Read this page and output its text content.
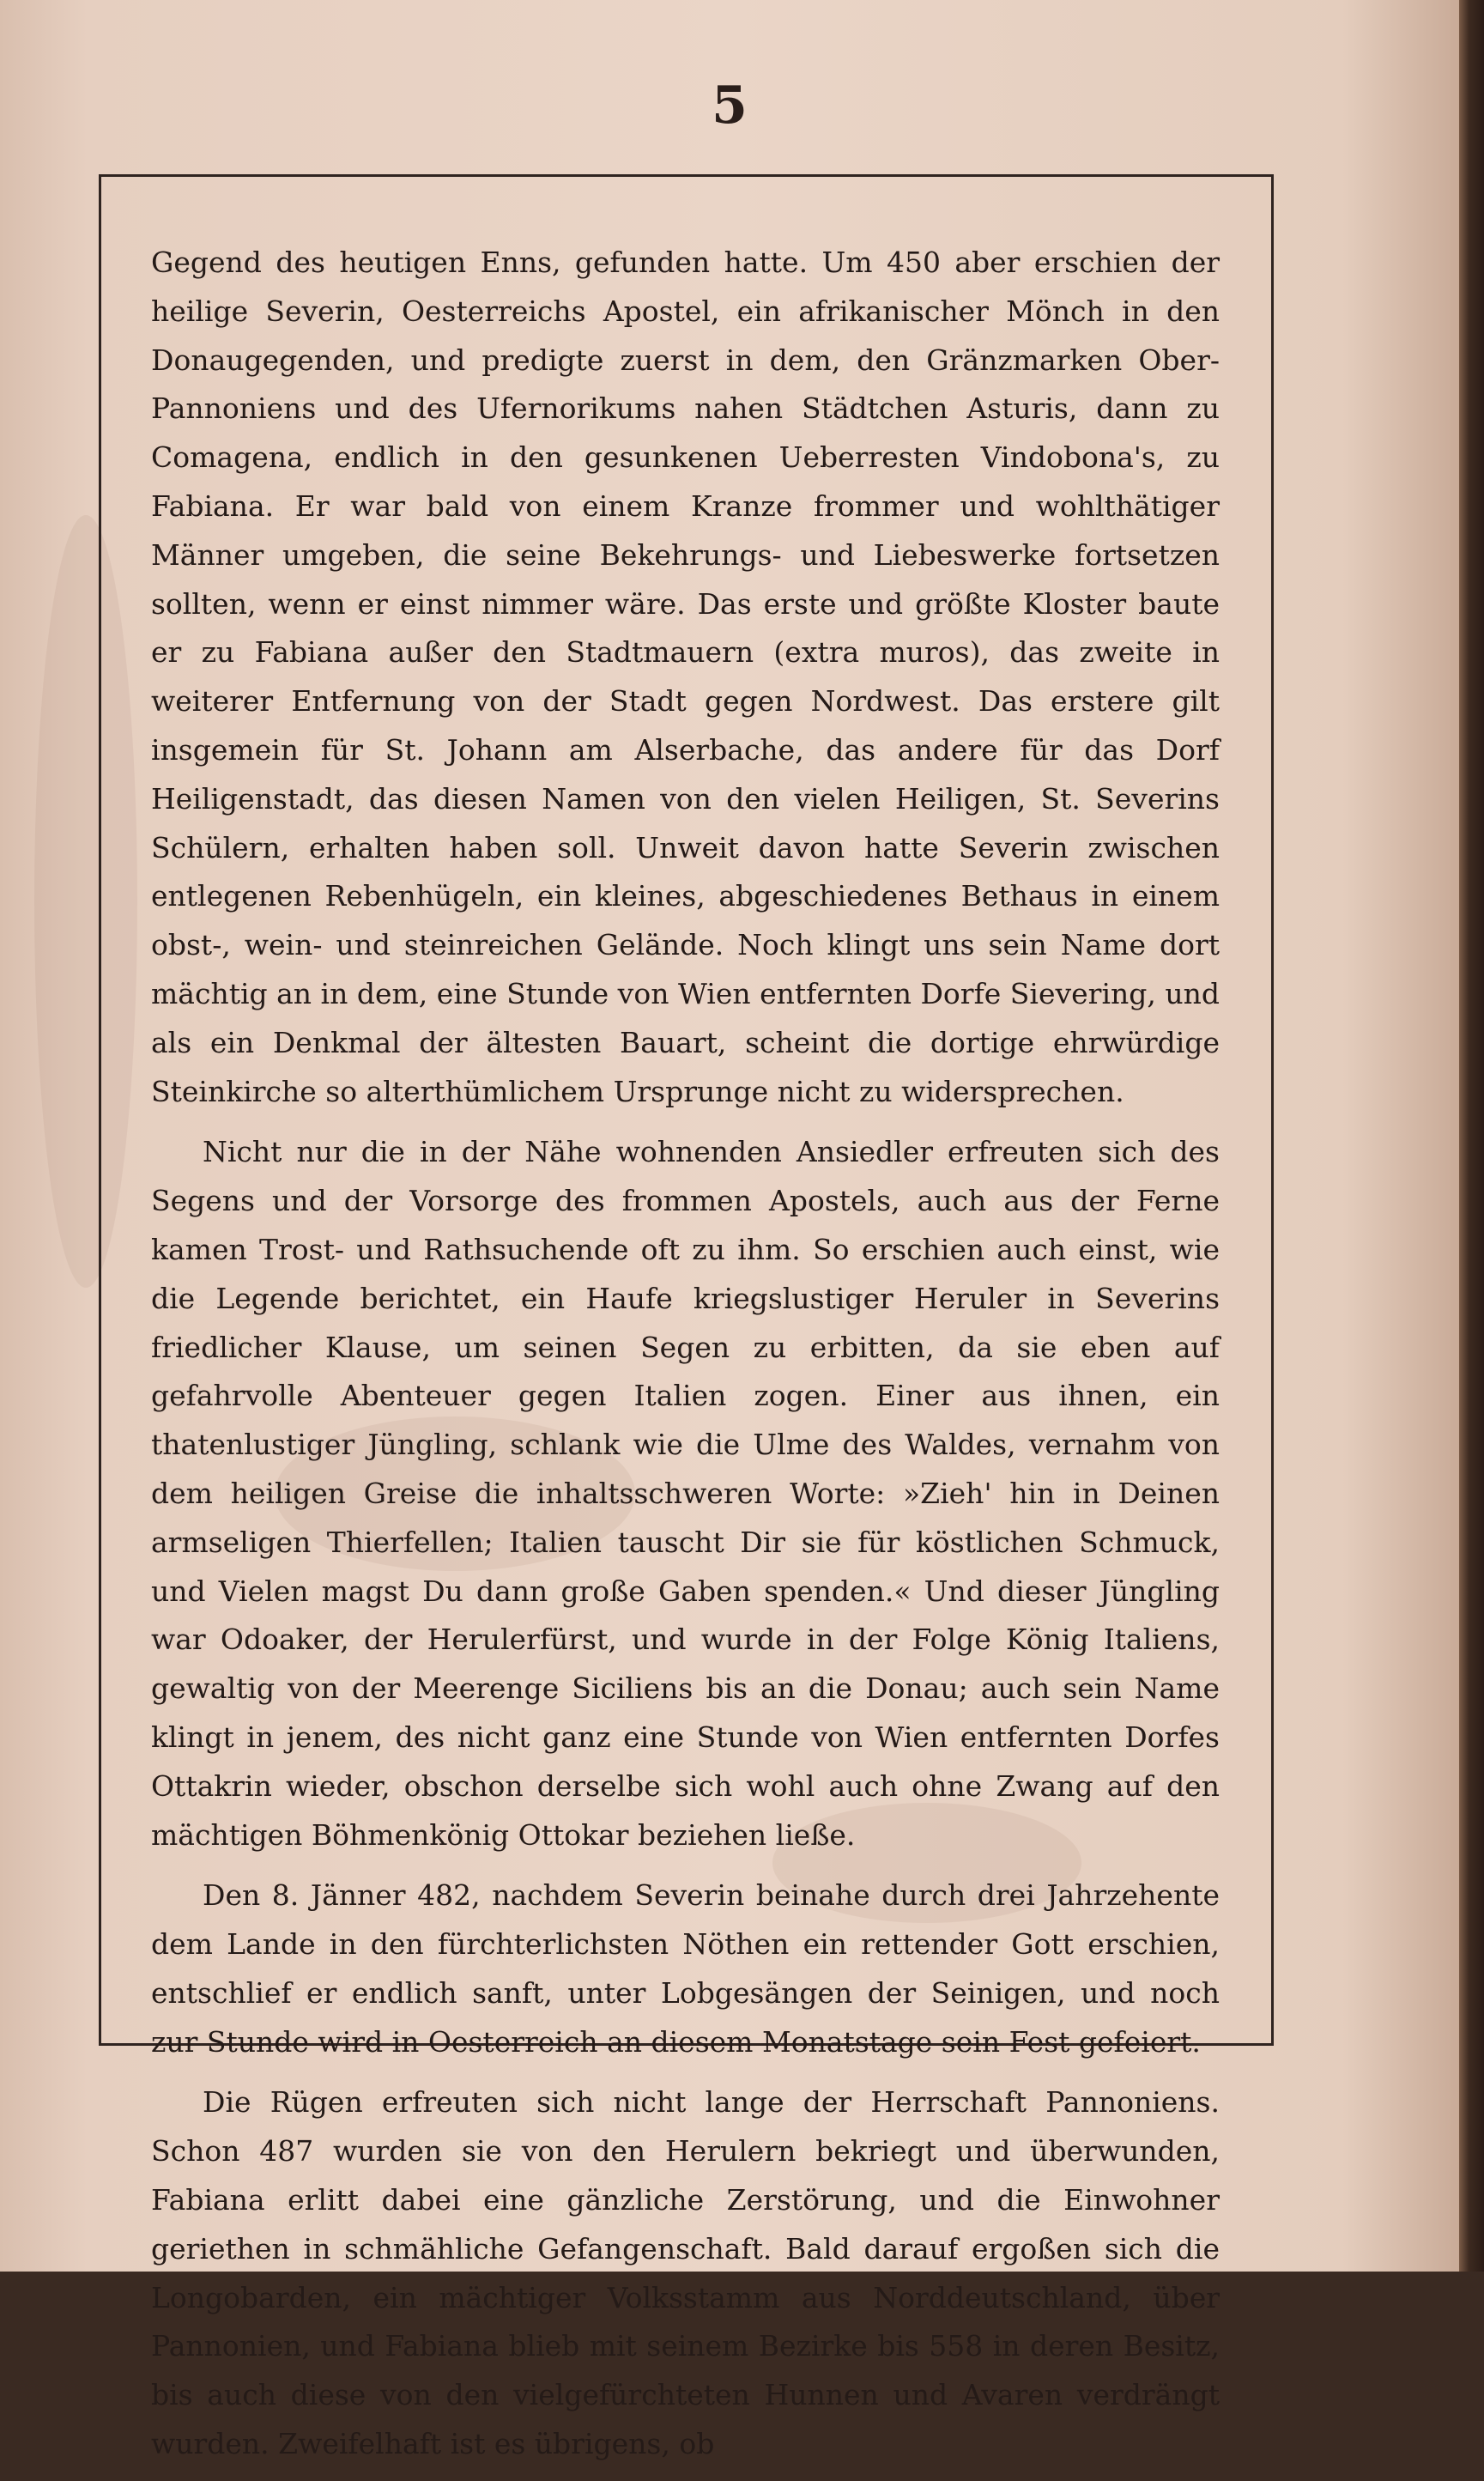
5

Gegend des heutigen Enns, gefunden hatte. Um 450 aber erschien der heilige Severin, Oesterreichs Apostel, ein afrikanischer Mönch in den Donaugegenden, und predigte zuerst in dem, den Gränzmarken Ober-Pannoniens und des Ufernorikums nahen Städtchen Asturis, dann zu Comagena, endlich in den gesunkenen Ueberresten Vindobona's, zu Fabiana. Er war bald von einem Kranze frommer und wohlthätiger Männer umgeben, die seine Bekehrungs- und Liebeswerke fortsetzen sollten, wenn er einst nimmer wäre. Das erste und größte Kloster baute er zu Fabiana außer den Stadtmauern (extra muros), das zweite in weiterer Entfernung von der Stadt gegen Nordwest. Das erstere gilt insgemein für St. Johann am Alserbache, das andere für das Dorf Heiligenstadt, das diesen Namen von den vielen Heiligen, St. Severins Schülern, erhalten haben soll. Unweit davon hatte Severin zwischen entlegenen Rebenhügeln, ein kleines, abgeschiedenes Bethaus in einem obst-, wein- und steinreichen Gelände. Noch klingt uns sein Name dort mächtig an in dem, eine Stunde von Wien entfernten Dorfe Sievering, und als ein Denkmal der ältesten Bauart, scheint die dortige ehrwürdige Steinkirche so alterthümlichem Ursprunge nicht zu widersprechen.

Nicht nur die in der Nähe wohnenden Ansiedler erfreuten sich des Segens und der Vorsorge des frommen Apostels, auch aus der Ferne kamen Trost- und Rathsuchende oft zu ihm. So erschien auch einst, wie die Legende berichtet, ein Haufe kriegslustiger Heruler in Severins friedlicher Klause, um seinen Segen zu erbitten, da sie eben auf gefahrvolle Abenteuer gegen Italien zogen. Einer aus ihnen, ein thatenlustiger Jüngling, schlank wie die Ulme des Waldes, vernahm von dem heiligen Greise die inhaltsschweren Worte: »Zieh' hin in Deinen armseligen Thierfellen; Italien tauscht Dir sie für köstlichen Schmuck, und Vielen magst Du dann große Gaben spenden.« Und dieser Jüngling war Odoaker, der Herulerfürst, und wurde in der Folge König Italiens, gewaltig von der Meerenge Siciliens bis an die Donau; auch sein Name klingt in jenem, des nicht ganz eine Stunde von Wien entfernten Dorfes Ottakrin wieder, obschon derselbe sich wohl auch ohne Zwang auf den mächtigen Böhmenkönig Ottokar beziehen ließe.

Den 8. Jänner 482, nachdem Severin beinahe durch drei Jahrzehente dem Lande in den fürchterlichsten Nöthen ein rettender Gott erschien, entschlief er endlich sanft, unter Lobgesängen der Seinigen, und noch zur Stunde wird in Oesterreich an diesem Monatstage sein Fest gefeiert.

Die Rügen erfreuten sich nicht lange der Herrschaft Pannoniens. Schon 487 wurden sie von den Herulern bekriegt und überwunden, Fabiana erlitt dabei eine gänzliche Zerstörung, und die Einwohner geriethen in schmähliche Gefangenschaft. Bald darauf ergoßen sich die Longobarden, ein mächtiger Volksstamm aus Norddeutschland, über Pannonien, und Fabiana blieb mit seinem Bezirke bis 558 in deren Besitz, bis auch diese von den vielgefürchteten Hunnen und Avaren verdrängt wurden. Zweifelhaft ist es übrigens, ob
